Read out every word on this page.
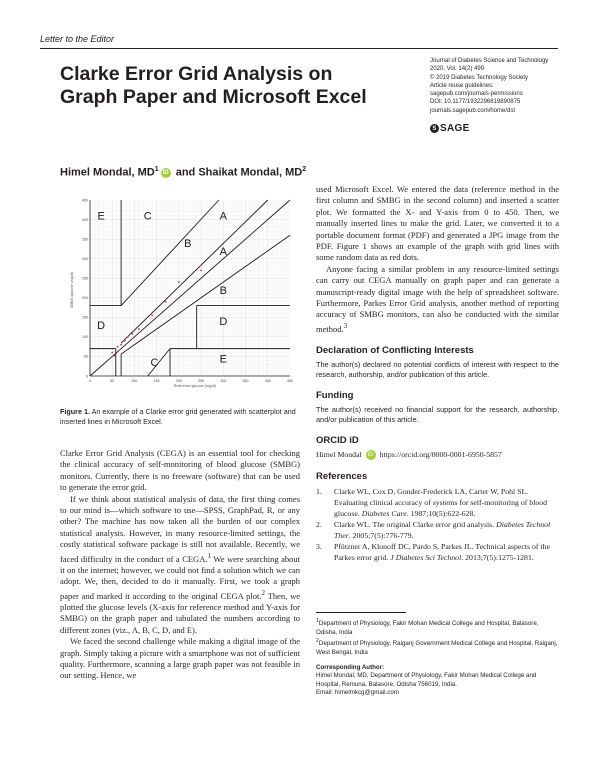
Letter to the Editor
Clarke Error Grid Analysis on Graph Paper and Microsoft Excel
Journal of Diabetes Science and Technology
2020, Vol. 14(2) 499
© 2019 Diabetes Technology Society
Article reuse guidelines:
sagepub.com/journals-permissions
DOI: 10.1177/1932296819890875
journals.sagepub.com/home/dst
S SAGE
Himel Mondal, $MD^1$ iD and Shaikat Mondal, $MD^2$
E	C
B
A
A
B
D	D
C	E
0	50	100	150	200	250	300	350	400	450
0
50
100
150
200
250
300
350
400
450
Reference glucose (mg/dl)
SMBG glucose (mg/dl)
Figure 1. An example of a Clarke error grid generated with scatterplot and inserted lines in Microsoft Excel.

Clarke Error Grid Analysis (CEGA) is an essential tool for checking the clinical accuracy of self-monitoring of blood glucose (SMBG) monitors. Currently, there is no freeware (software) that can be used to generate the error grid.

If we think about statistical analysis of data, the first thing comes to our mind is—which software to use—SPSS, GraphPad, R, or any other? The machine has now taken all the burden of our complex statistical analysis. However, in many resource-limited settings, the costly statistical software package is still not available. Recently, we faced difficulty in the conduct of a CEGA.$^1$ We were searching about it on the internet; however, we could not find a solution which we can adopt. We, then, decided to do it manually. First, we took a graph paper and marked it according to the original CEGA plot.$^2$ Then, we plotted the glucose levels (X-axis for reference method and Y-axis for SMBG) on the graph paper and tabulated the numbers according to different zones (viz., A, B, C, D, and E).

We faced the second challenge while making a digital image of the graph. Simply taking a picture with a smartphone was not of sufficient quality. Furthermore, scanning a large graph paper was not feasible in our setting. Hence, we

used Microsoft Excel. We entered the data (reference method in the first column and SMBG in the second column) and inserted a scatter plot. We formatted the X- and Y-axis from 0 to 450. Then, we manually inserted lines to make the grid. Later, we converted it to a portable document format (PDF) and generated a JPG image from the PDF. Figure 1 shows an example of the graph with grid lines with some random data as red dots.

Anyone facing a similar problem in any resource-limited settings can carry out CEGA manually on graph paper and can generate a manuscript-ready digital image with the help of spreadsheet software. Furthermore, Parkes Error Grid analysis, another method of reporting accuracy of SMBG monitors, can also be conducted with the similar method.$^3$

Declaration of Conflicting Interests
The author(s) declared no potential conflicts of interest with respect to the research, authorship, and/or publication of this article.
Funding
The author(s) received no financial support for the research, authorship, and/or publication of this article.
ORCID iD
Himel Mondal iD https://orcid.org/0000-0001-6950-5857
References
1. Clarke WL, Cox D, Gonder-Frederick LA, Carter W, Pohl SL. Evaluating clinical accuracy of systems for self-monitoring of blood glucose. Diabetes Care. 1987;10(5):622-628.
2. Clarke WL. The original Clarke error grid analysis. Diabetes Technol Ther. 2005;7(5):776-779.
3. Pfützner A, Klonoff DC, Pardo S, Parkes JL. Technical aspects of the Parkes error grid. J Diabetes Sci Technol. 2013;7(5):1275-1281.
$^1$Department of Physiology, Fakir Mohan Medical College and Hospital, Balasore, Odisha, India
$^2$Department of Physiology, Raiganj Government Medical College and Hospital, Raiganj, West Bengal, India
Corresponding Author:
Himel Mondal, MD, Department of Physiology, Fakir Mohan Medical College and Hospital, Remuna, Balasore, Odisha 756019, India.
Email: himelmkcg@gmail.com
